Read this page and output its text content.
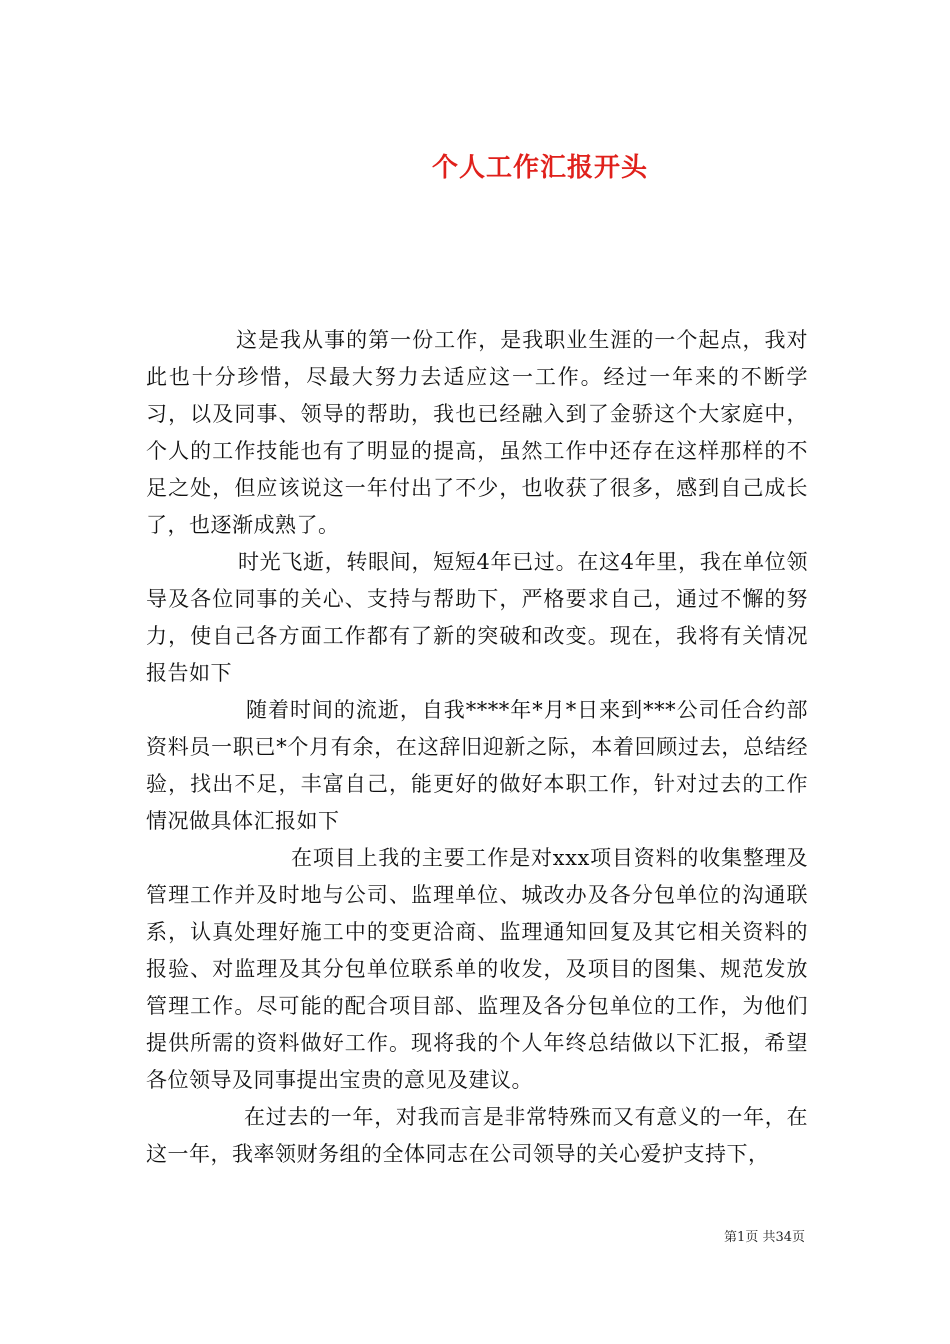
个人工作汇报开头

这是我从事的第一份工作，是我职业生涯的一个起点，我对此也十分珍惜，尽最大努力去适应这一工作。经过一年来的不断学习，以及同事、领导的帮助，我也已经融入到了金骄这个大家庭中，个人的工作技能也有了明显的提高，虽然工作中还存在这样那样的不足之处，但应该说这一年付出了不少，也收获了很多，感到自己成长了，也逐渐成熟了。

时光飞逝，转眼间，短短4年已过。在这4年里，我在单位领导及各位同事的关心、支持与帮助下，严格要求自己，通过不懈的努力，使自己各方面工作都有了新的突破和改变。现在，我将有关情况报告如下

随着时间的流逝，自我****年*月*日来到***公司任合约部资料员一职已*个月有余，在这辞旧迎新之际，本着回顾过去，总结经验，找出不足，丰富自己，能更好的做好本职工作，针对过去的工作情况做具体汇报如下

在项目上我的主要工作是对xxx项目资料的收集整理及管理工作并及时地与公司、监理单位、城改办及各分包单位的沟通联系，认真处理好施工中的变更洽商、监理通知回复及其它相关资料的报验、对监理及其分包单位联系单的收发，及项目的图集、规范发放管理工作。尽可能的配合项目部、监理及各分包单位的工作，为他们提供所需的资料做好工作。现将我的个人年终总结做以下汇报，希望各位领导及同事提出宝贵的意见及建议。

在过去的一年，对我而言是非常特殊而又有意义的一年，在这一年，我率领财务组的全体同志在公司领导的关心爱护支持下，

第1页 共34页
